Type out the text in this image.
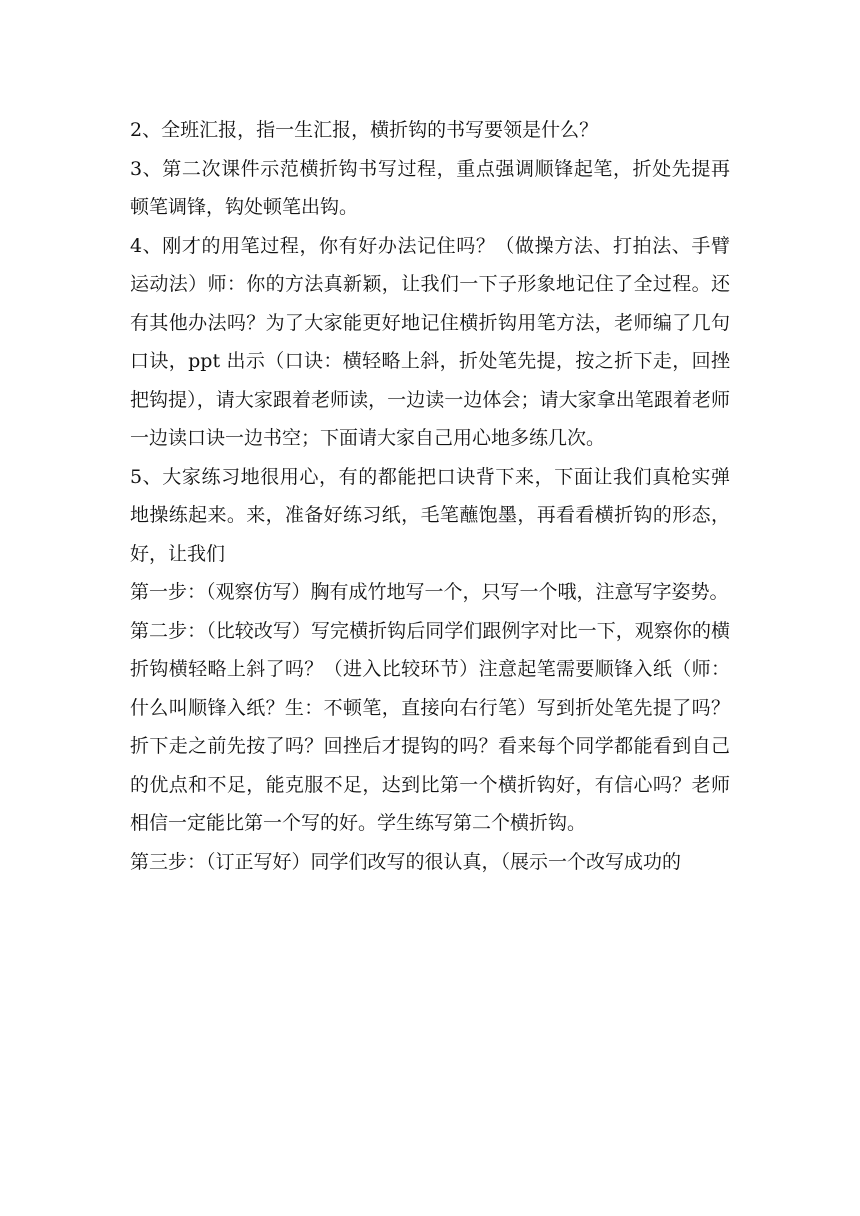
2、全班汇报，指一生汇报，横折钩的书写要领是什么？

3、第二次课件示范横折钩书写过程，重点强调顺锋起笔，折处先提再顿笔调锋，钩处顿笔出钩。

4、刚才的用笔过程，你有好办法记住吗？（做操方法、打拍法、手臂运动法）师：你的方法真新颖，让我们一下子形象地记住了全过程。还有其他办法吗？为了大家能更好地记住横折钩用笔方法，老师编了几句口诀，ppt 出示（口诀：横轻略上斜，折处笔先提，按之折下走，回挫把钩提），请大家跟着老师读，一边读一边体会；请大家拿出笔跟着老师一边读口诀一边书空；下面请大家自己用心地多练几次。

5、大家练习地很用心，有的都能把口诀背下来，下面让我们真枪实弹地操练起来。来，准备好练习纸，毛笔蘸饱墨，再看看横折钩的形态，好，让我们

第一步：（观察仿写）胸有成竹地写一个，只写一个哦，注意写字姿势。

第二步：（比较改写）写完横折钩后同学们跟例字对比一下，观察你的横折钩横轻略上斜了吗？（进入比较环节）注意起笔需要顺锋入纸（师：什么叫顺锋入纸？生：不顿笔，直接向右行笔）写到折处笔先提了吗？折下走之前先按了吗？回挫后才提钩的吗？看来每个同学都能看到自己的优点和不足，能克服不足，达到比第一个横折钩好，有信心吗？老师相信一定能比第一个写的好。学生练写第二个横折钩。

第三步：（订正写好）同学们改写的很认真，（展示一个改写成功的
